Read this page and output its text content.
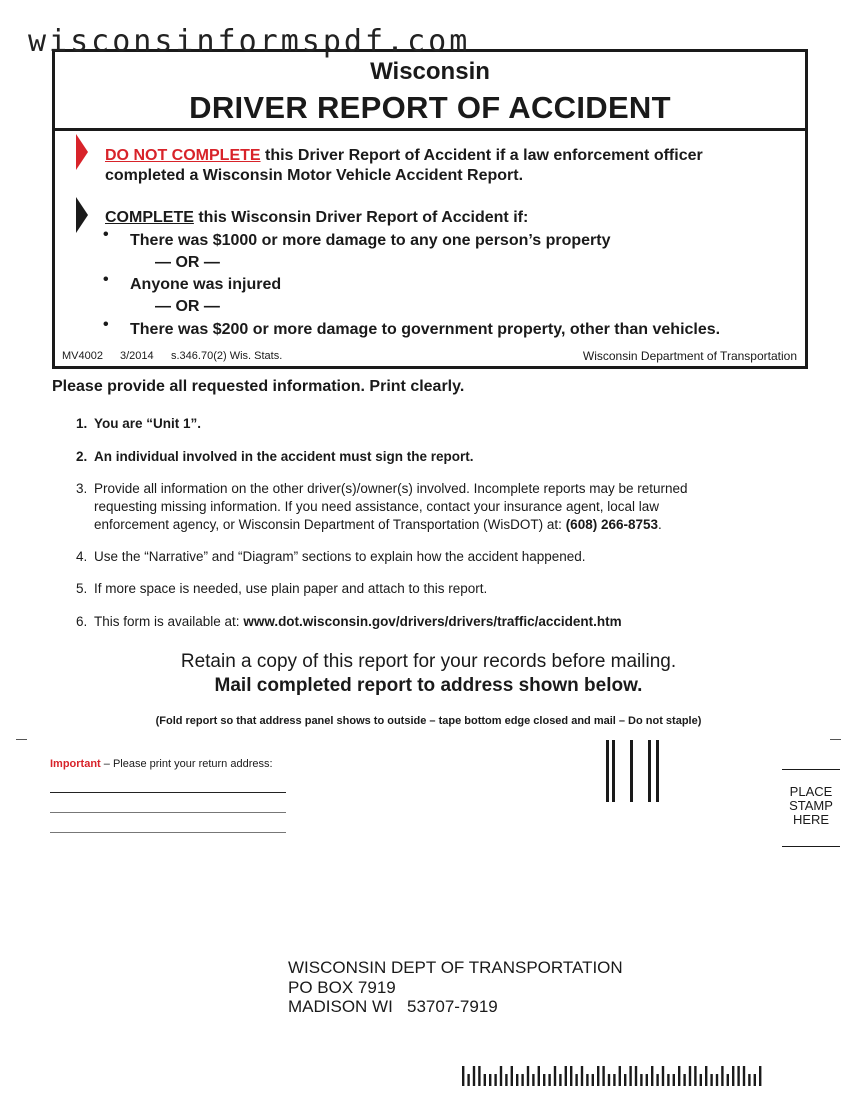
wisconsinformspdf.com
Wisconsin
DRIVER REPORT OF ACCIDENT
DO NOT COMPLETE this Driver Report of Accident if a law enforcement officer
completed a Wisconsin Motor Vehicle Accident Report.
COMPLETE this Wisconsin Driver Report of Accident if:
• There was $1000 or more damage to any one person’s property
— OR —
• Anyone was injured
— OR —
• There was $200 or more damage to government property, other than vehicles.
MV4002 3/2014 s.346.70(2) Wis. Stats.	Wisconsin Department of Transportation
Please provide all requested information. Print clearly.
1. You are “Unit 1”.
2. An individual involved in the accident must sign the report.
3. Provide all information on the other driver(s)/owner(s) involved. Incomplete reports may be returned
requesting missing information. If you need assistance, contact your insurance agent, local law
enforcement agency, or Wisconsin Department of Transportation (WisDOT) at: (608) 266-8753.
4. Use the “Narrative” and “Diagram” sections to explain how the accident happened.
5. If more space is needed, use plain paper and attach to this report.
6. This form is available at: www.dot.wisconsin.gov/drivers/drivers/traffic/accident.htm
Retain a copy of this report for your records before mailing.
Mail completed report to address shown below.
(Fold report so that address panel shows to outside – tape bottom edge closed and mail – Do not staple)
Important – Please print your return address:
PLACE
STAMP
HERE
WISCONSIN DEPT OF TRANSPORTATION
PO BOX 7919
MADISON WI   53707-7919
